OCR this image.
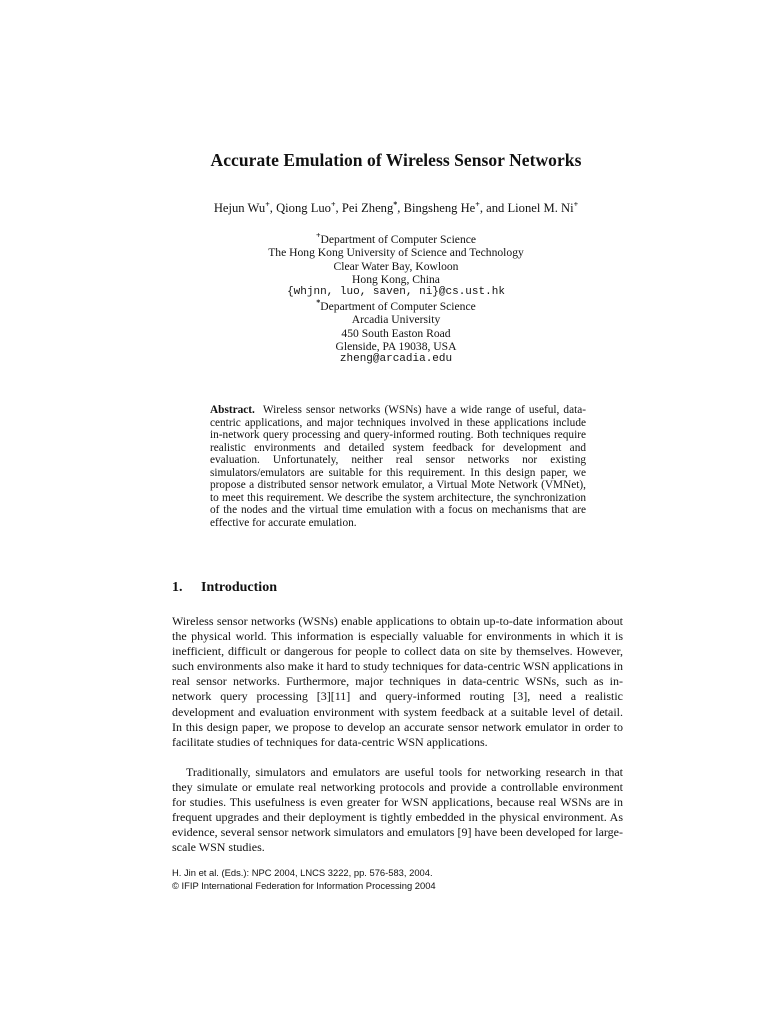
Accurate Emulation of Wireless Sensor Networks
Hejun Wu+, Qiong Luo+, Pei Zheng*, Bingsheng He+, and Lionel M. Ni+
+Department of Computer Science
The Hong Kong University of Science and Technology
Clear Water Bay, Kowloon
Hong Kong, China
{whjnn, luo, saven, ni}@cs.ust.hk
*Department of Computer Science
Arcadia University
450 South Easton Road
Glenside, PA 19038, USA
zheng@arcadia.edu
Abstract. Wireless sensor networks (WSNs) have a wide range of useful, data-centric applications, and major techniques involved in these applications include in-network query processing and query-informed routing. Both techniques require realistic environments and detailed system feedback for development and evaluation. Unfortunately, neither real sensor networks nor existing simulators/emulators are suitable for this requirement. In this design paper, we propose a distributed sensor network emulator, a Virtual Mote Network (VMNet), to meet this requirement. We describe the system architecture, the synchronization of the nodes and the virtual time emulation with a focus on mechanisms that are effective for accurate emulation.
1. Introduction
Wireless sensor networks (WSNs) enable applications to obtain up-to-date information about the physical world. This information is especially valuable for environments in which it is inefficient, difficult or dangerous for people to collect data on site by themselves. However, such environments also make it hard to study techniques for data-centric WSN applications in real sensor networks. Furthermore, major techniques in data-centric WSNs, such as in-network query processing [3][11] and query-informed routing [3], need a realistic development and evaluation environment with system feedback at a suitable level of detail. In this design paper, we propose to develop an accurate sensor network emulator in order to facilitate studies of techniques for data-centric WSN applications.
Traditionally, simulators and emulators are useful tools for networking research in that they simulate or emulate real networking protocols and provide a controllable environment for studies. This usefulness is even greater for WSN applications, because real WSNs are in frequent upgrades and their deployment is tightly embedded in the physical environment. As evidence, several sensor network simulators and emulators [9] have been developed for large-scale WSN studies.
H. Jin et al. (Eds.): NPC 2004, LNCS 3222, pp. 576-583, 2004.
© IFIP International Federation for Information Processing 2004
